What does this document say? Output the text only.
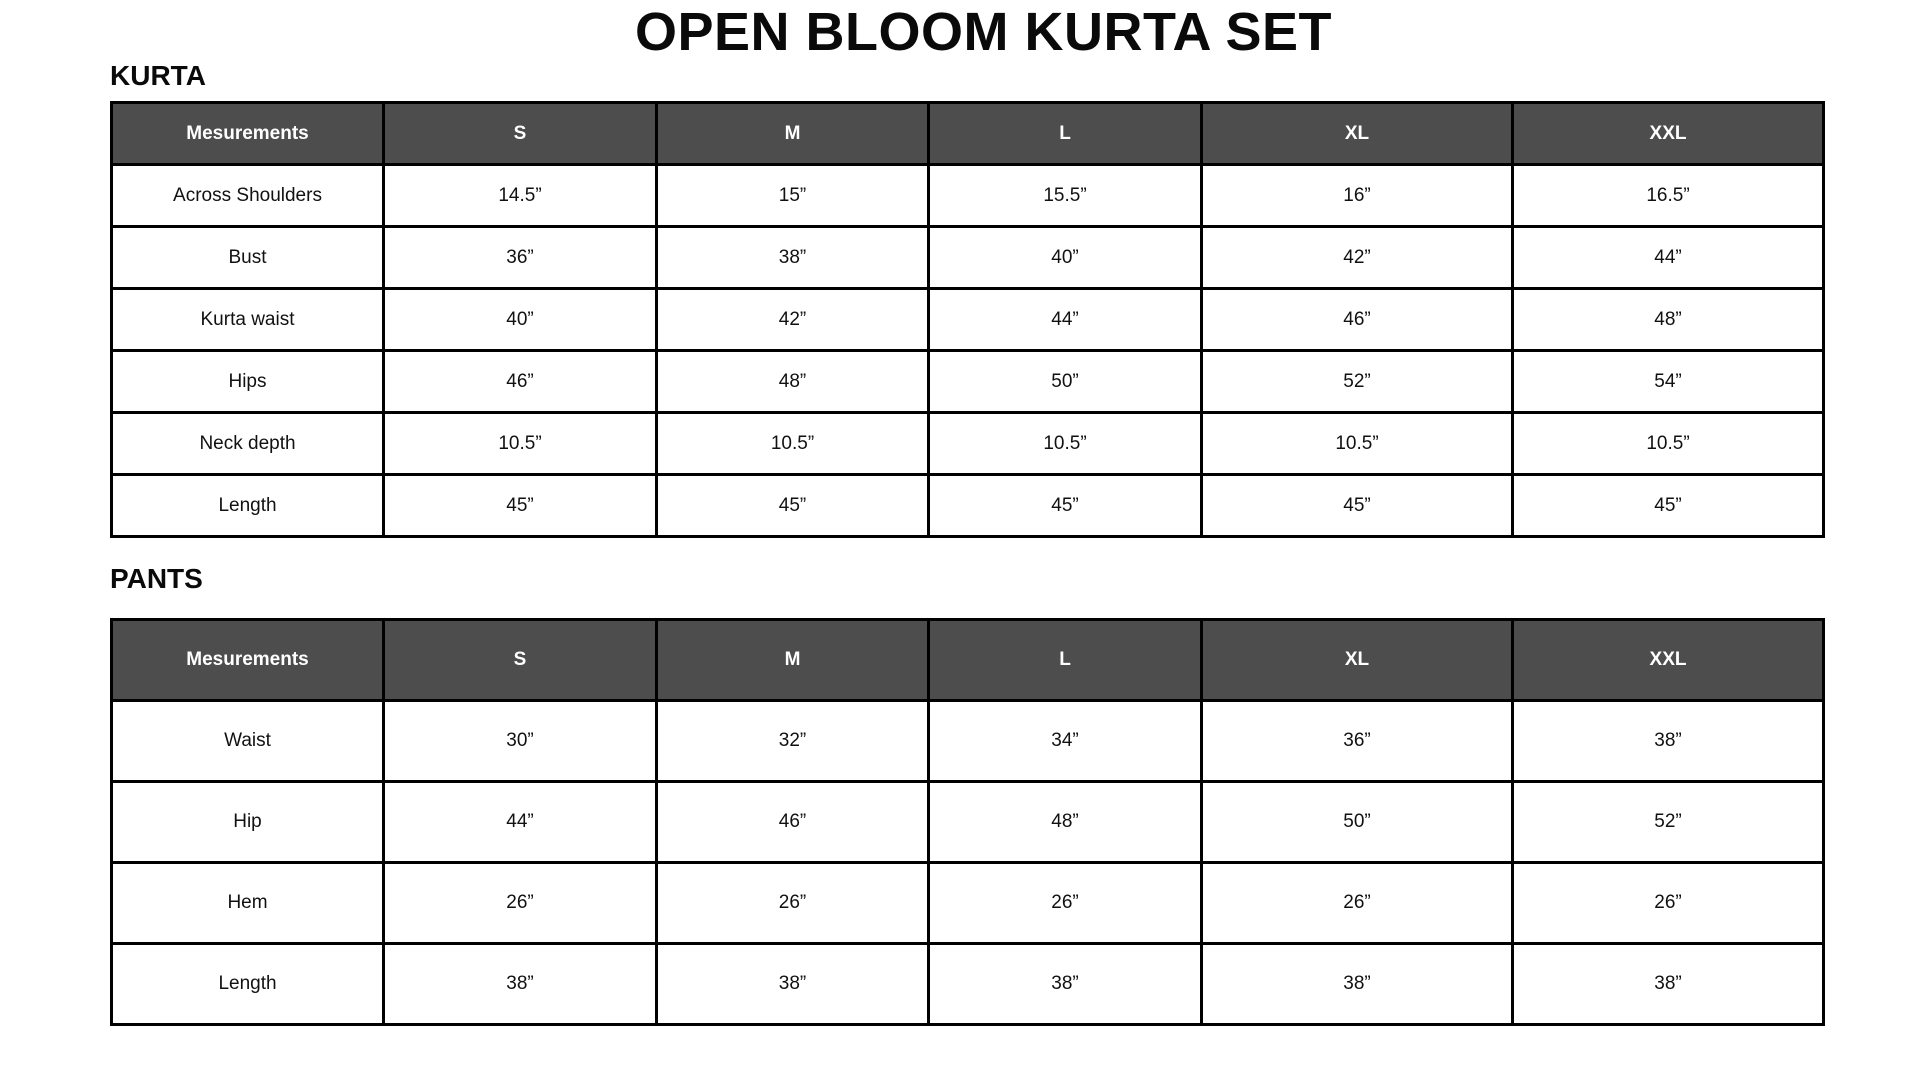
OPEN BLOOM KURTA SET
KURTA
Mesurements	S	M	L	XL	XXL
Across Shoulders	14.5”	15”	15.5”	16”	16.5”
Bust	36”	38”	40”	42”	44”
Kurta waist	40”	42”	44”	46”	48”
Hips	46”	48”	50”	52”	54”
Neck depth	10.5”	10.5”	10.5”	10.5”	10.5”
Length	45”	45”	45”	45”	45”
PANTS
Mesurements	S	M	L	XL	XXL
Waist	30”	32”	34”	36”	38”
Hip	44”	46”	48”	50”	52”
Hem	26”	26”	26”	26”	26”
Length	38”	38”	38”	38”	38”
